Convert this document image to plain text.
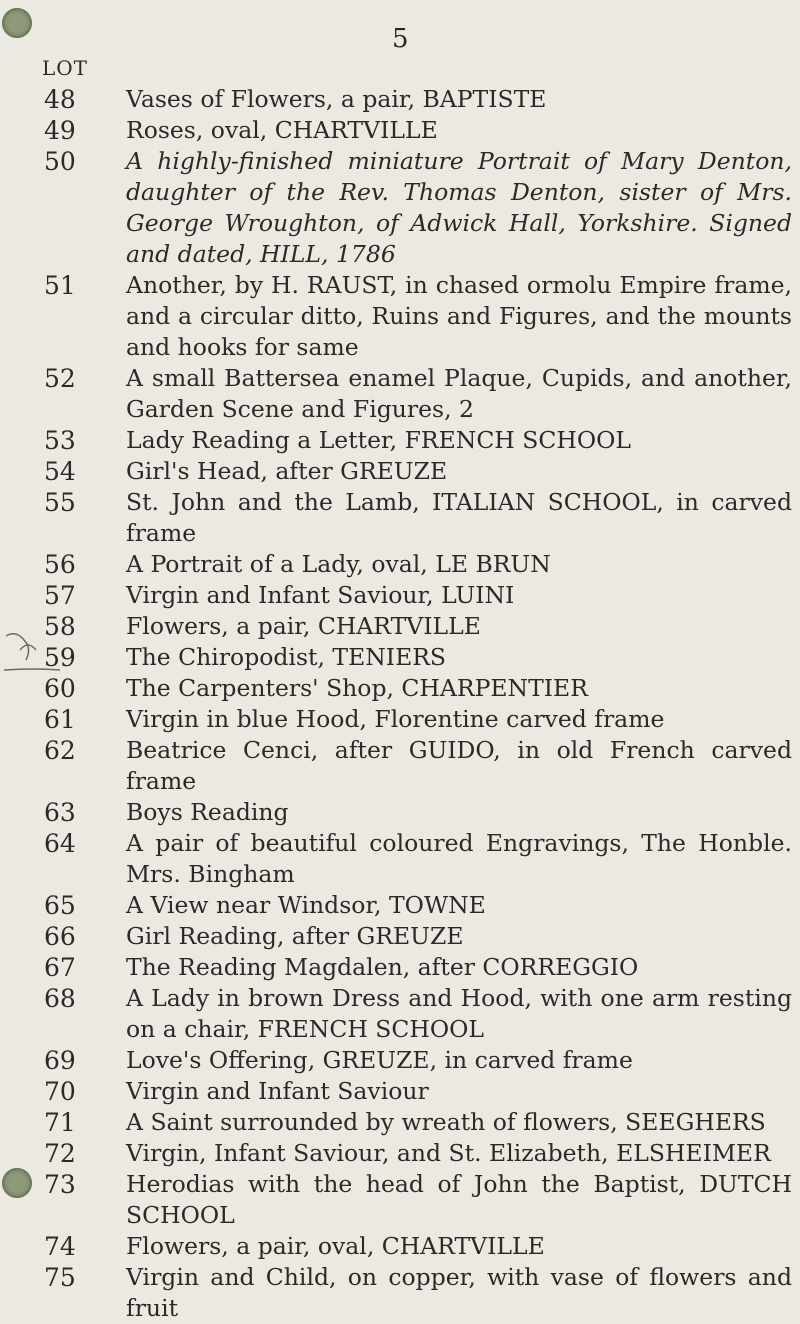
5
LOT
48	Vases of Flowers, a pair, BAPTISTE
49	Roses, oval, CHARTVILLE
50	A highly-finished miniature Portrait of Mary Denton, daughter of the Rev. Thomas Denton, sister of Mrs. George Wroughton, of Adwick Hall, Yorkshire. Signed and dated, HILL, 1786
51	Another, by H. RAUST, in chased ormolu Empire frame, and a circular ditto, Ruins and Figures, and the mounts and hooks for same
52	A small Battersea enamel Plaque, Cupids, and another, Garden Scene and Figures, 2
53	Lady Reading a Letter, FRENCH SCHOOL
54	Girl's Head, after GREUZE
55	St. John and the Lamb, ITALIAN SCHOOL, in carved frame
56	A Portrait of a Lady, oval, LE BRUN
57	Virgin and Infant Saviour, LUINI
58	Flowers, a pair, CHARTVILLE
59	The Chiropodist, TENIERS
60	The Carpenters' Shop, CHARPENTIER
61	Virgin in blue Hood, Florentine carved frame
62	Beatrice Cenci, after GUIDO, in old French carved frame
63	Boys Reading
64	A pair of beautiful coloured Engravings, The Honble. Mrs. Bingham
65	A View near Windsor, TOWNE
66	Girl Reading, after GREUZE
67	The Reading Magdalen, after CORREGGIO
68	A Lady in brown Dress and Hood, with one arm resting on a chair, FRENCH SCHOOL
69	Love's Offering, GREUZE, in carved frame
70	Virgin and Infant Saviour
71	A Saint surrounded by wreath of flowers, SEEGHERS
72	Virgin, Infant Saviour, and St. Elizabeth, ELSHEIMER
73	Herodias with the head of John the Baptist, DUTCH SCHOOL
74	Flowers, a pair, oval, CHARTVILLE
75	Virgin and Child, on copper, with vase of flowers and fruit
